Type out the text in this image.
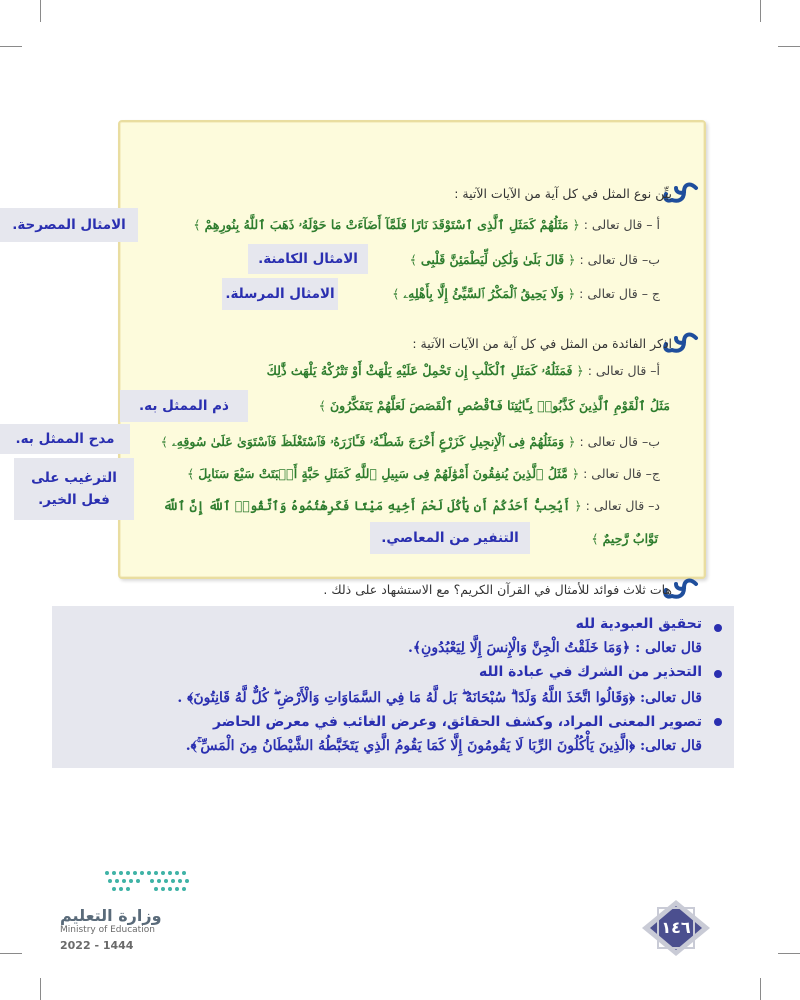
بيِّن نوع المثل في كل آية من الآيات الآتية :
أ – قال تعالى : ﴿ مَثَلُهُمْ كَمَثَلِ ٱلَّذِى ٱسْتَوْقَدَ نَارًا فَلَمَّآ أَضَآءَتْ مَا حَوْلَهُۥ ذَهَبَ ٱللَّهُ بِنُورِهِمْ ﴾
ب– قال تعالى : ﴿ قَالَ بَلَىٰ وَلَٰكِن لِّيَطْمَئِنَّ قَلْبِى ﴾
ج – قال تعالى : ﴿ وَلَا يَحِيقُ ٱلْمَكْرُ ٱلسَّيِّئُ إِلَّا بِأَهْلِهِۦ ﴾
الامثال المصرحة.
الامثال الكامنة.
الامثال المرسلة.
اذكر الفائدة من المثل في كل آية من الآيات الآتية :
أ– قال تعالى : ﴿ فَمَثَلُهُۥ كَمَثَلِ ٱلْكَلْبِ إِن تَحْمِلْ عَلَيْهِ يَلْهَثْ أَوْ تَتْرُكْهُ يَلْهَث ذَّٰلِكَ
مَثَلُ ٱلْقَوْمِ ٱلَّذِينَ كَذَّبُوا۟ بِـَٔايَٰتِنَا فَٱقْصُصِ ٱلْقَصَصَ لَعَلَّهُمْ يَتَفَكَّرُونَ ﴾
ب– قال تعالى : ﴿ وَمَثَلُهُمْ فِى ٱلْإِنجِيلِ كَزَرْعٍ أَخْرَجَ شَطْـَٔهُۥ فَـَٔازَرَهُۥ فَٱسْتَغْلَظَ فَٱسْتَوَىٰ عَلَىٰ سُوقِهِۦ ﴾
ج– قال تعالى : ﴿ مَّثَلُ ٱلَّذِينَ يُنفِقُونَ أَمْوَٰلَهُمْ فِى سَبِيلِ ٱللَّهِ كَمَثَلِ حَبَّةٍ أَنۢبَتَتْ سَبْعَ سَنَابِلَ ﴾
د– قال تعالى : ﴿ أَيُحِبُّ أَحَدُكُمْ أَن يَأْكُلَ لَحْمَ أَخِيهِ مَيْتًا فَكَرِهْتُمُوهُ وَٱتَّقُوا۟ ٱللَّهَ إِنَّ ٱللَّهَ
تَوَّابٌ رَّحِيمٌ ﴾
ذم الممثل به.
مدح الممثل به.
الترغيب على فعل الخير.
التنفير من المعاصي.
هات ثلاث فوائد للأمثال في القرآن الكريم؟ مع الاستشهاد على ذلك .
تحقيق العبودية لله
قال تعالى : ﴿وَمَا خَلَقْتُ الْجِنَّ وَالْإِنسَ إِلَّا لِيَعْبُدُونِ﴾.
التحذير من الشرك في عبادة الله
قال تعالى: ﴿وَقَالُوا اتَّخَذَ اللَّهُ وَلَدًا ۗ سُبْحَانَهُ ۖ بَل لَّهُ مَا فِي السَّمَاوَاتِ وَالْأَرْضِ ۖ كُلٌّ لَّهُ قَانِتُونَ﴾ .
تصوير المعنى المراد، وكشف الحقائق، وعرض الغائب في معرض الحاضر
قال تعالى: ﴿الَّذِينَ يَأْكُلُونَ الرِّبَا لَا يَقُومُونَ إِلَّا كَمَا يَقُومُ الَّذِي يَتَخَبَّطُهُ الشَّيْطَانُ مِنَ الْمَسِّ ۚ﴾.
وزارة التعليم
Ministry of Education
2022 - 1444
١٤٦
